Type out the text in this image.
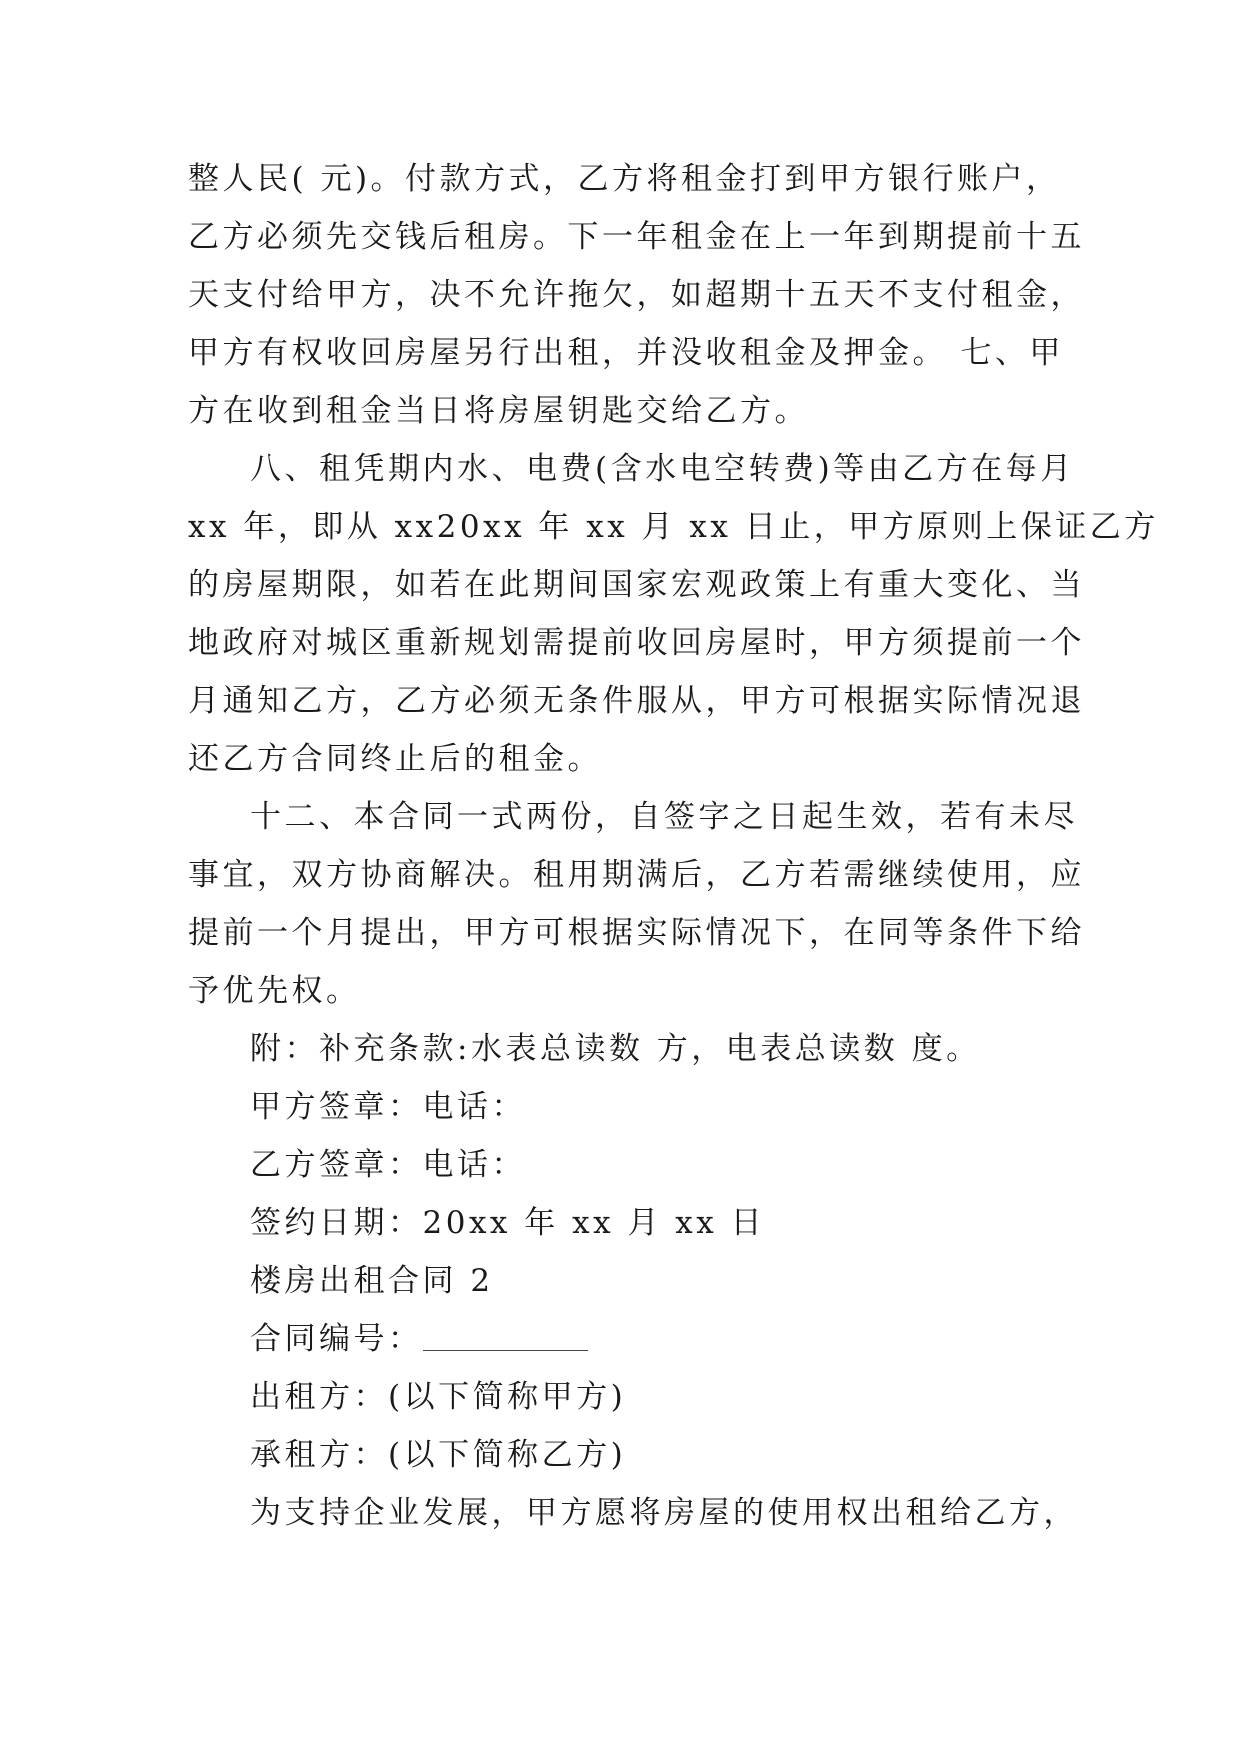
整人民( 元)。付款方式，乙方将租金打到甲方银行账户，
乙方必须先交钱后租房。下一年租金在上一年到期提前十五
天支付给甲方，决不允许拖欠，如超期十五天不支付租金，
甲方有权收回房屋另行出租，并没收租金及押金。 七、甲
方在收到租金当日将房屋钥匙交给乙方。
八、租凭期内水、电费(含水电空转费)等由乙方在每月
xx 年，即从 xx20xx 年 xx 月 xx 日止，甲方原则上保证乙方
的房屋期限，如若在此期间国家宏观政策上有重大变化、当
地政府对城区重新规划需提前收回房屋时，甲方须提前一个
月通知乙方，乙方必须无条件服从，甲方可根据实际情况退
还乙方合同终止后的租金。
十二、本合同一式两份，自签字之日起生效，若有未尽
事宜，双方协商解决。租用期满后，乙方若需继续使用，应
提前一个月提出，甲方可根据实际情况下，在同等条件下给
予优先权。
附：补充条款:水表总读数 方，电表总读数 度。
甲方签章：电话：
乙方签章：电话：
签约日期：20xx 年 xx 月 xx 日
楼房出租合同 2
合同编号：
出租方：(以下简称甲方)
承租方：(以下简称乙方)
为支持企业发展，甲方愿将房屋的使用权出租给乙方，
